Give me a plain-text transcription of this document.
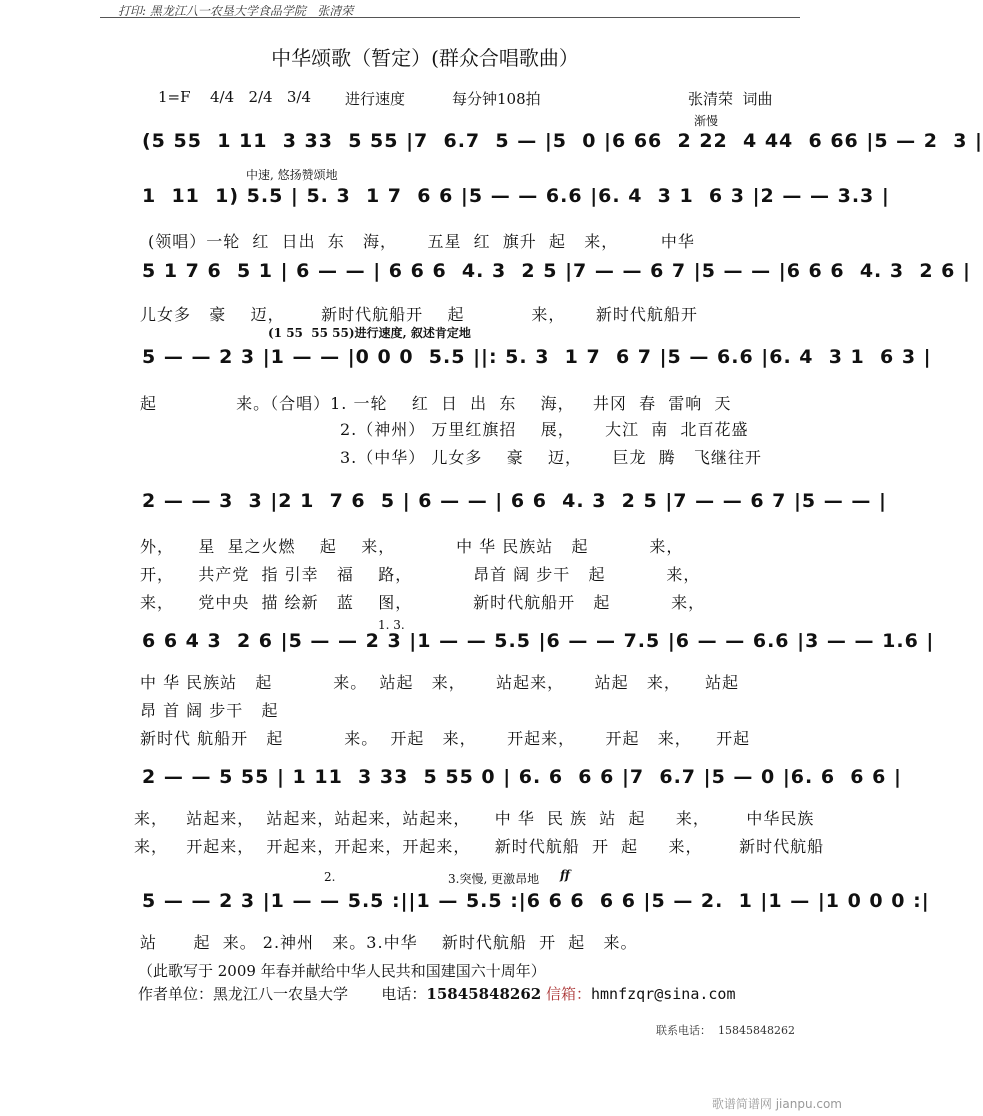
打印: 黑龙江八一农垦大学食品学院   张清荣
中华颂歌（暂定）(群众合唱歌曲）
1=F 4/4   2/4   3/4 进行速度	每分钟108拍	张清荣  词曲
渐慢
(5 55  1 11  3 33  5 55 |7  6.7  5 — |5  0 |6 66  2 22  4 44  6 66 |5 — 2  3 |
中速, 悠扬赞颂地
1  11  1) 5.5 | 5. 3  1 7  6 6 |5 — — 6.6 |6. 4  3 1  6 3 |2 — — 3.3 |
(领唱）一轮  红  日出  东   海，     五星  红  旗升  起   来，       中华
5 1 7 6  5 1 | 6 — — | 6 6 6  4. 3  2 5 |7 — — 6 7 |5 — — |6 6 6  4. 3  2 6 |
儿女多   豪    迈，      新时代航船开    起           来，     新时代航船开
(1 55  55 55)进行速度, 叙述肯定地
5 — — 2 3 |1 — — |0 0 0  5.5 ||: 5. 3  1 7  6 7 |5 — 6.6 |6. 4  3 1  6 3 |
起             来。（合唱）1. 一轮    红  日  出  东    海，   井冈  春  雷响  天
2.（神州） 万里红旗招    展，     大江  南  北百花盛
3.（中华） 儿女多    豪    迈，     巨龙  腾   飞继往开
2 — — 3  3 |2 1  7 6  5 | 6 — — | 6 6  4. 3  2 5 |7 — — 6 7 |5 — — |
外，    星  星之火燃    起    来，          中 华 民族站   起          来，
开，    共产党  指 引幸   福    路，          昂首 阔 步干   起          来，
来，    党中央  描 绘新   蓝    图，          新时代航船开   起          来，
1. 3.
6 6 4 3  2 6 |5 — — 2 3 |1 — — 5.5 |6 — — 7.5 |6 — — 6.6 |3 — — 1.6 |
中 华 民族站   起          来。  站起   来，     站起来，     站起   来，    站起
昂 首 阔 步干   起
新时代 航船开   起          来。  开起   来，     开起来，     开起   来，    开起
2 — — 5 55 | 1 11  3 33  5 55 0 | 6. 6  6 6 |7  6.7 |5 — 0 |6. 6  6 6 |
来，   站起来，  站起来，站起来，站起来，    中 华  民 族  站  起     来，      中华民族
来，   开起来，  开起来，开起来，开起来，    新时代航船  开  起     来，      新时代航船
2.	3.突慢, 更激昂地 ff
5 — — 2 3 |1 — — 5.5 :||1 — 5.5 :|6 6 6  6 6 |5 — 2.  1 |1 — |1 0 0 0 :|
站      起  来。 2.神州   来。3.中华    新时代航船  开  起   来。
（此歌写于 2009 年春并献给中华人民共和国建国六十周年）
作者单位：黑龙江八一农垦大学       电话：15845848262 信箱：hmnfzqr@sina.com
联系电话：  15845848262
歌谱简谱网 jianpu.com
